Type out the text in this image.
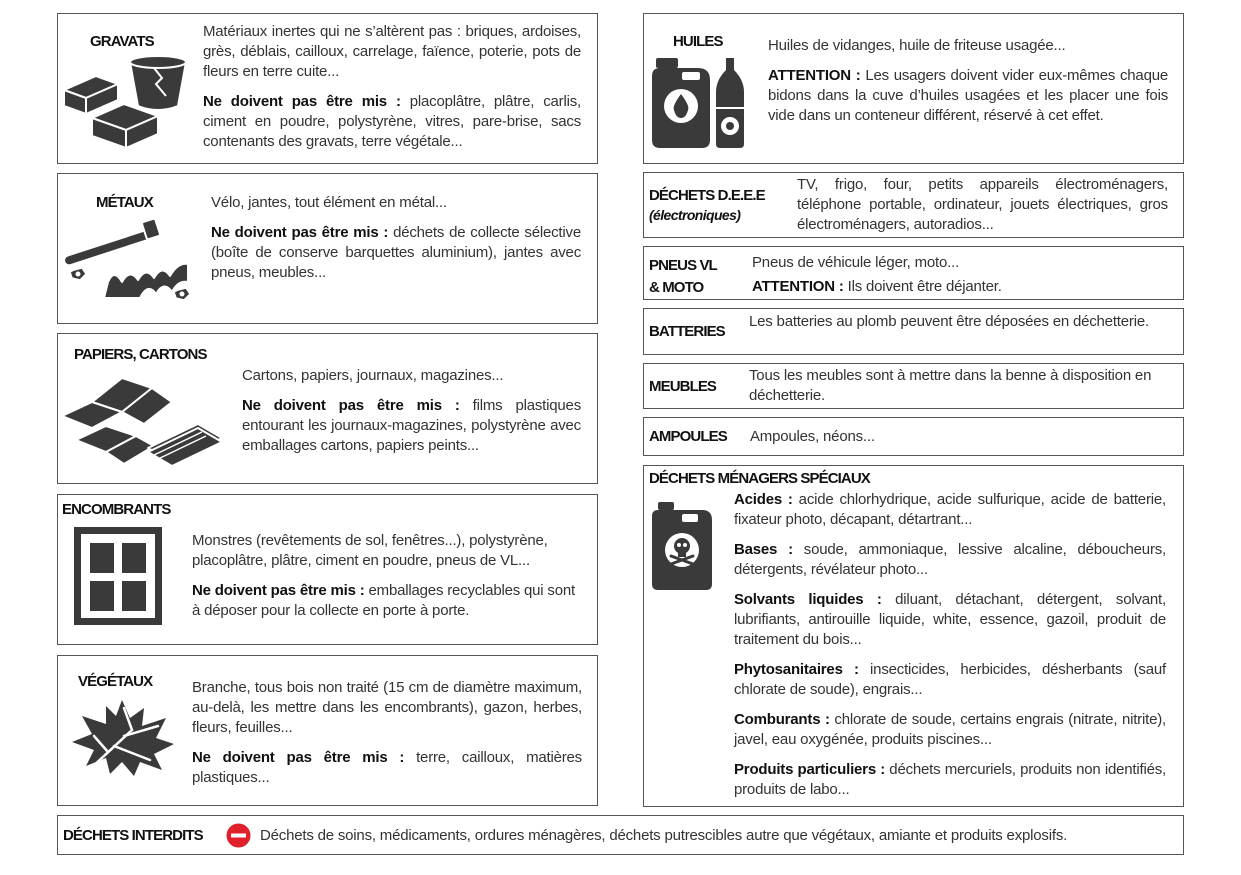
GRAVATS

Matériaux inertes qui ne s’altèrent pas : briques, ardoises, grès, déblais, cailloux, carrelage, faïence, poterie, pots de fleurs en terre cuite...

Ne doivent pas être mis : placoplâtre, plâtre, carlis, ciment en poudre, polystyrène, vitres, pare-brise, sacs contenants des gravats, terre végétale...

MÉTAUX	Vélo, jantes, tout élément en métal...

Ne doivent pas être mis : déchets de collecte sélective (boîte de conserve barquettes aluminium), jantes avec pneus, meubles...

PAPIERS, CARTONS

Cartons, papiers, journaux, magazines...

Ne doivent pas être mis : films plastiques entourant les journaux-magazines, polystyrène avec emballages cartons, papiers peints...

ENCOMBRANTS

Monstres (revêtements de sol, fenêtres...), polystyrène, placoplâtre, plâtre, ciment en poudre, pneus de VL...

Ne doivent pas être mis : emballages recyclables qui sont à déposer pour la collecte en porte à porte.

VÉGÉTAUX	Branche, tous bois non traité (15 cm de diamètre maximum, au-delà, les mettre dans les encombrants), gazon, herbes, fleurs, feuilles...

Ne doivent pas être mis : terre, cailloux, matières plastiques...

HUILES	Huiles de vidanges, huile de friteuse usagée...

ATTENTION : Les usagers doivent vider eux-mêmes chaque bidons dans la cuve d’huiles usagées et les placer une fois vide dans un conteneur différent, réservé à cet effet.

DÉCHETS D.E.E.E
(électroniques)
TV, frigo, four, petits appareils électroménagers, téléphone portable, ordinateur, jouets électriques, gros électroménagers, autoradios...
PNEUS VL
& MOTO
Pneus de véhicule léger, moto...
ATTENTION : Ils doivent être déjanter.
BATTERIES
Les batteries au plomb peuvent être déposées en déchetterie.
MEUBLES
Tous les meubles sont à mettre dans la benne à disposition en déchetterie.
AMPOULES Ampoules, néons...
DÉCHETS MÉNAGERS SPÉCIAUX

Acides : acide chlorhydrique, acide sulfurique, acide de batterie, fixateur photo, décapant, détartrant...

Bases : soude, ammoniaque, lessive alcaline, déboucheurs, détergents, révélateur photo...

Solvants liquides : diluant, détachant, détergent, solvant, lubrifiants, antirouille liquide, white, essence, gazoil, produit de traitement du bois...

Phytosanitaires : insecticides, herbicides, désherbants (sauf chlorate de soude), engrais...

Comburants : chlorate de soude, certains engrais (nitrate, nitrite), javel, eau oxygénée, produits piscines...

Produits particuliers : déchets mercuriels, produits non identifiés, produits de labo...

DÉCHETS INTERDITS	Déchets de soins, médicaments, ordures ménagères, déchets putrescibles autre que végétaux, amiante et produits explosifs.
